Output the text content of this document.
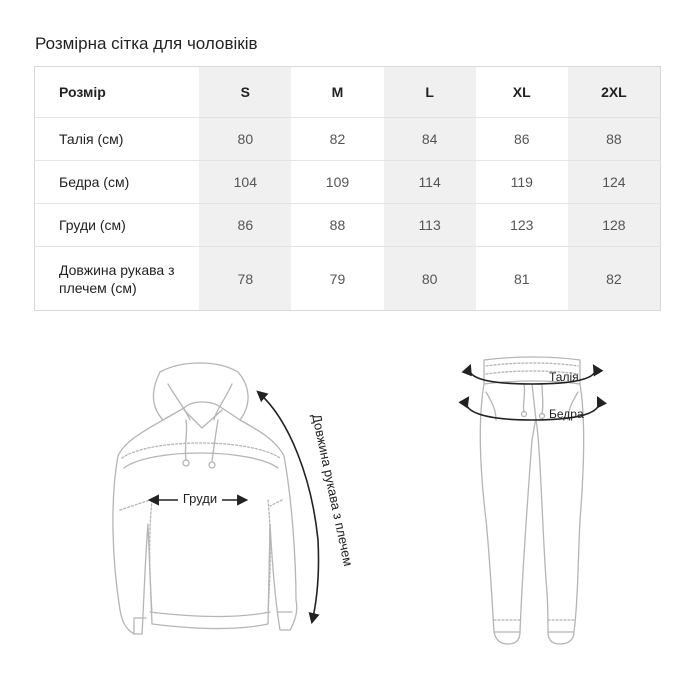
Розмірна сітка для чоловіків
Розмір	S	M	L	XL	2XL
Талія (см)	80	82	84	86	88
Бедра (см)	104	109	114	119	124
Груди (см)	86	88	113	123	128
Довжина рукава з плечем (см)	78	79	80	81	82
Груди	Довжина рукава з плечем
Талія
Бедра
